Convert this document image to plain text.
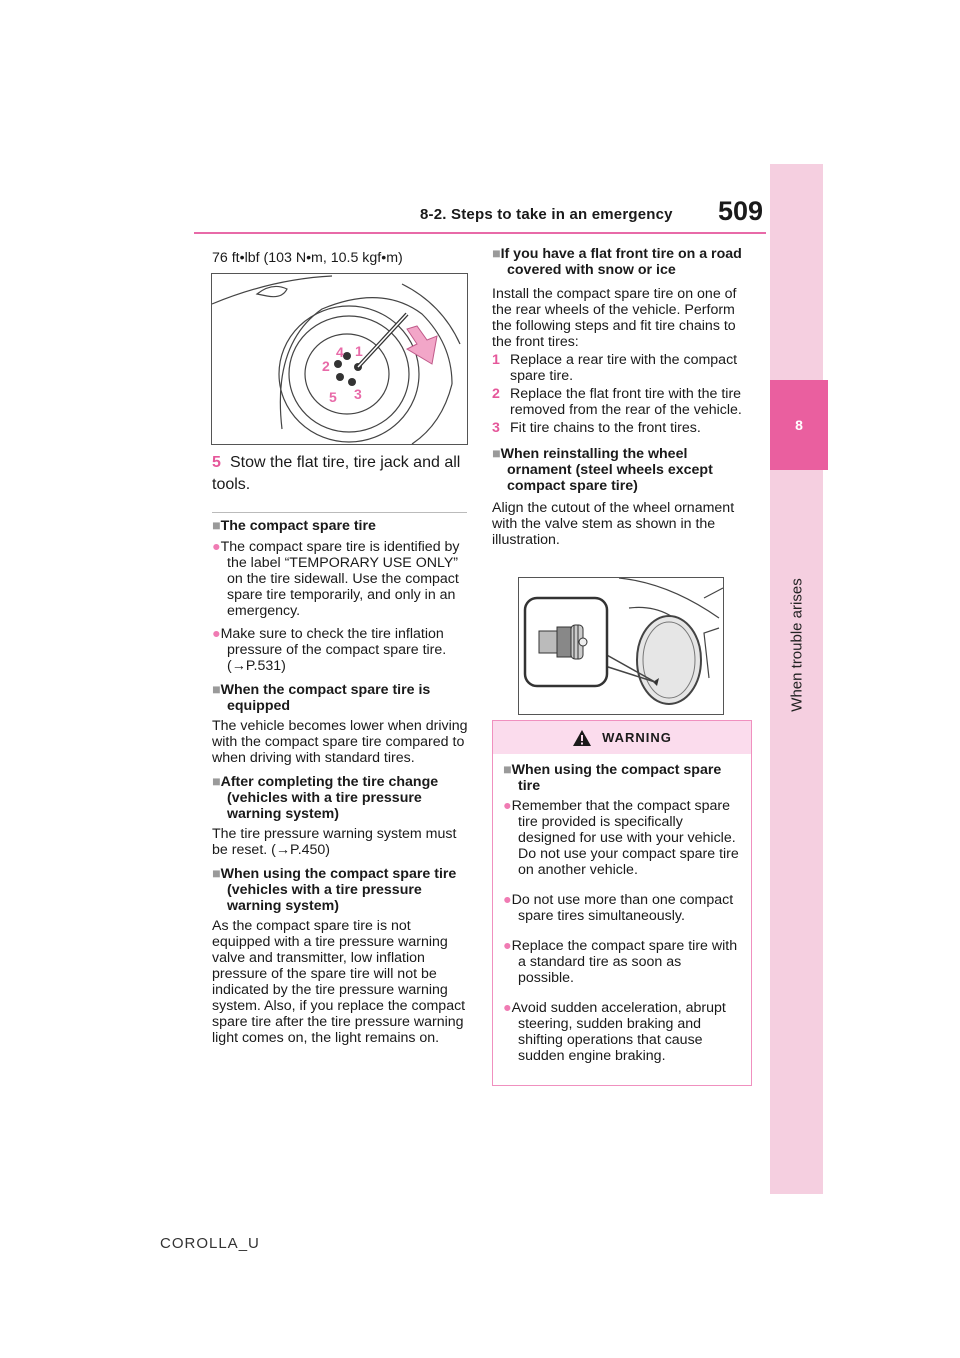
8-2. Steps to take in an emergency 509
8
When trouble arises
76 ft•lbf (103 N•m, 10.5 kgf•m)
1
2
3
4
5
5 Stow the flat tire, tire jack and all tools.
■The compact spare tire
●The compact spare tire is identified by the label “TEMPORARY USE ONLY” on the tire sidewall. Use the compact spare tire temporarily, and only in an emergency.
●Make sure to check the tire inflation pressure of the compact spare tire. (→P.531)
■When the compact spare tire is equipped
The vehicle becomes lower when driving with the compact spare tire compared to when driving with standard tires.
■After completing the tire change (vehicles with a tire pressure warning system)
The tire pressure warning system must be reset. (→P.450)
■When using the compact spare tire (vehicles with a tire pressure warning system)
As the compact spare tire is not equipped with a tire pressure warning valve and transmitter, low inflation pressure of the spare tire will not be indicated by the tire pressure warning system. Also, if you replace the compact spare tire after the tire pressure warning light comes on, the light remains on.
■If you have a flat front tire on a road covered with snow or ice
Install the compact spare tire on one of the rear wheels of the vehicle. Perform the following steps and fit tire chains to the front tires:
1 Replace a rear tire with the compact spare tire.
2 Replace the flat front tire with the tire removed from the rear of the vehicle.
3 Fit tire chains to the front tires.
■When reinstalling the wheel ornament (steel wheels except compact spare tire)
Align the cutout of the wheel ornament with the valve stem as shown in the illustration.
WARNING
■When using the compact spare tire
●Remember that the compact spare tire provided is specifically designed for use with your vehicle. Do not use your compact spare tire on another vehicle.
●Do not use more than one compact spare tires simultaneously.
●Replace the compact spare tire with a standard tire as soon as possible.
●Avoid sudden acceleration, abrupt steering, sudden braking and shifting operations that cause sudden engine braking.
COROLLA_U
